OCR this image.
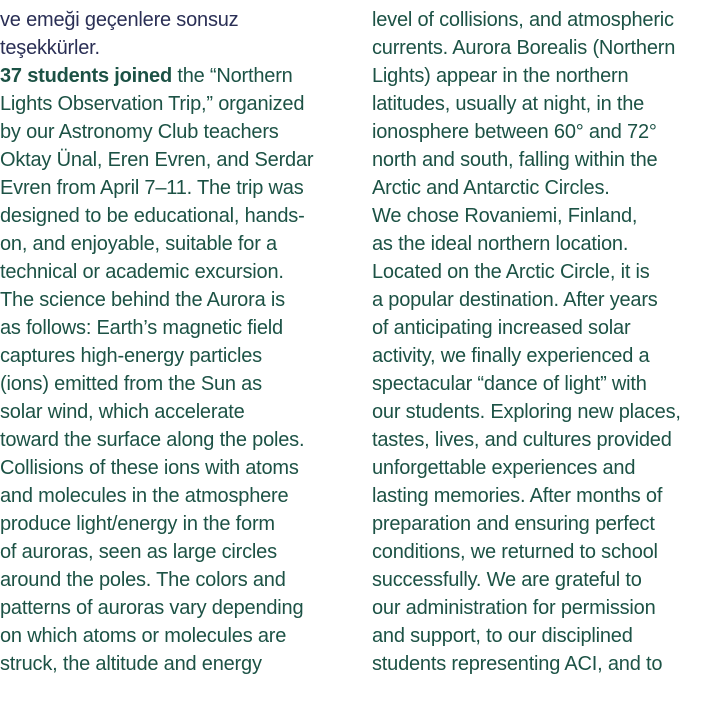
ve emeği geçenlere sonsuz
teşekkürler.
37 students joined the “Northern
Lights Observation Trip,” organized
by our Astronomy Club teachers
Oktay Ünal, Eren Evren, and Serdar
Evren from April 7–11. The trip was
designed to be educational, hands-
on, and enjoyable, suitable for a
technical or academic excursion.
The science behind the Aurora is
as follows: Earth’s magnetic field
captures high-energy particles
(ions) emitted from the Sun as
solar wind, which accelerate
toward the surface along the poles.
Collisions of these ions with atoms
and molecules in the atmosphere
produce light/energy in the form
of auroras, seen as large circles
around the poles. The colors and
patterns of auroras vary depending
on which atoms or molecules are
struck, the altitude and energy
level of collisions, and atmospheric
currents. Aurora Borealis (Northern
Lights) appear in the northern
latitudes, usually at night, in the
ionosphere between 60° and 72°
north and south, falling within the
Arctic and Antarctic Circles.
We chose Rovaniemi, Finland,
as the ideal northern location.
Located on the Arctic Circle, it is
a popular destination. After years
of anticipating increased solar
activity, we finally experienced a
spectacular “dance of light” with
our students. Exploring new places,
tastes, lives, and cultures provided
unforgettable experiences and
lasting memories. After months of
preparation and ensuring perfect
conditions, we returned to school
successfully. We are grateful to
our administration for permission
and support, to our disciplined
students representing ACI, and to
